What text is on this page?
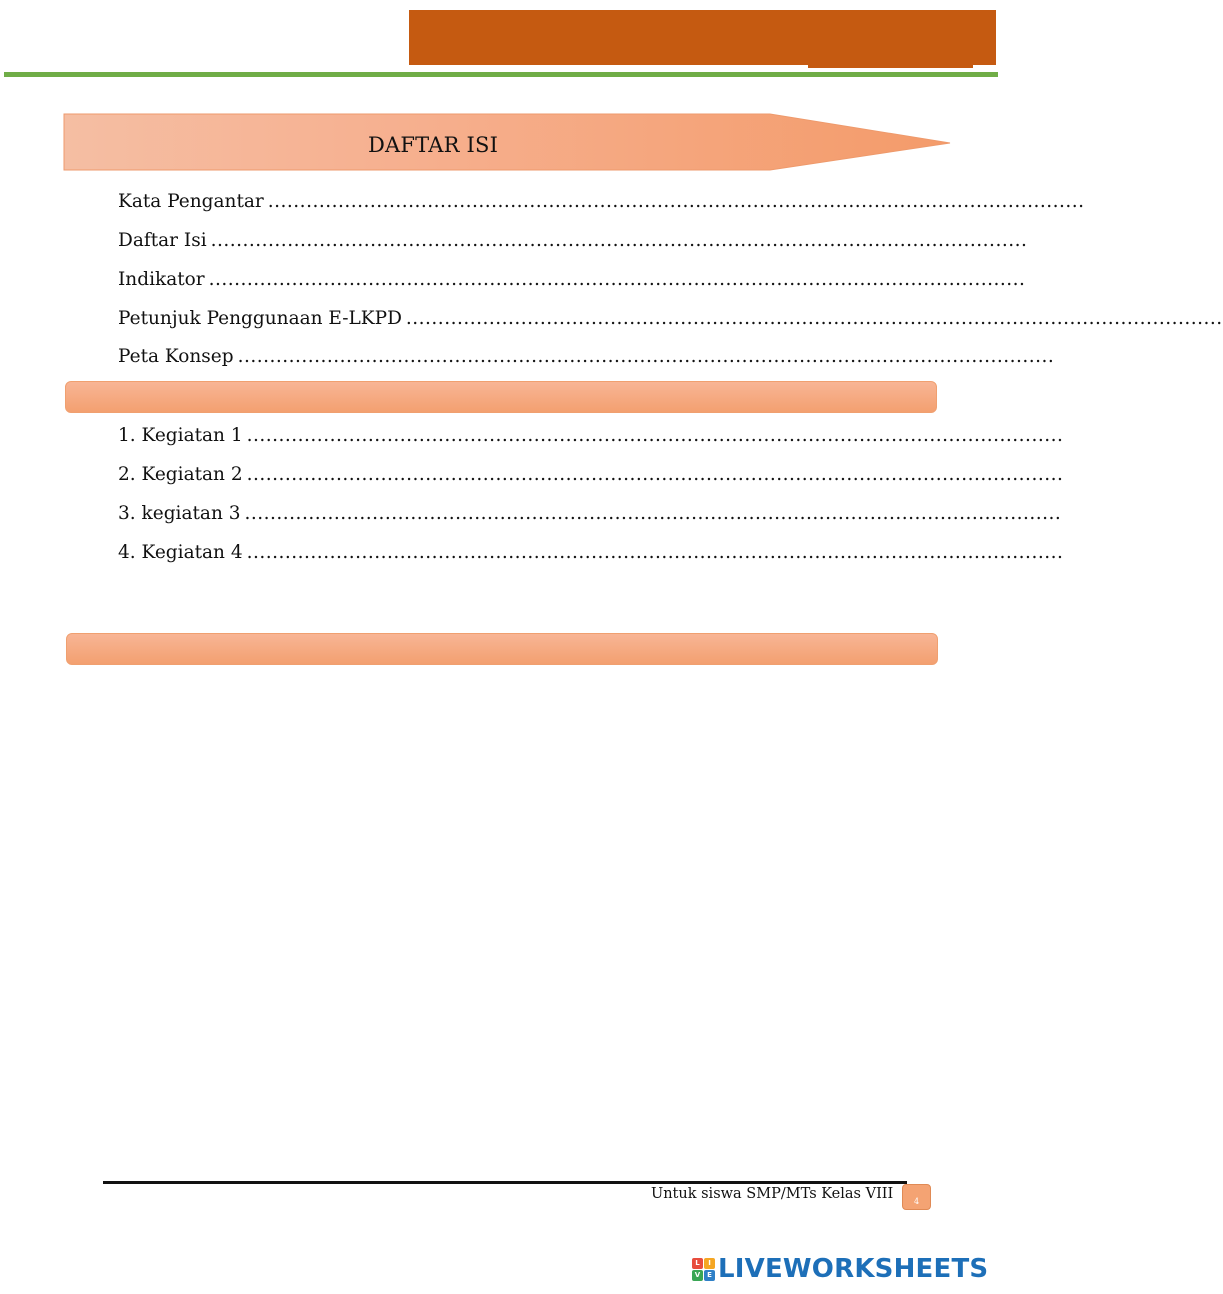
DAFTAR ISI
Kata Pengantar ................................................................................................................................
Daftar Isi ................................................................................................................................
Indikator ................................................................................................................................
Petunjuk Penggunaan E-LKPD ................................................................................................................................
Peta Konsep ................................................................................................................................
1. Kegiatan 1 ................................................................................................................................
2. Kegiatan 2 ................................................................................................................................
3. kegiatan 3 ................................................................................................................................
4. Kegiatan 4 ................................................................................................................................
Untuk siswa SMP/MTs Kelas VIII	4
L	I
V E LIVEWORKSHEETS
